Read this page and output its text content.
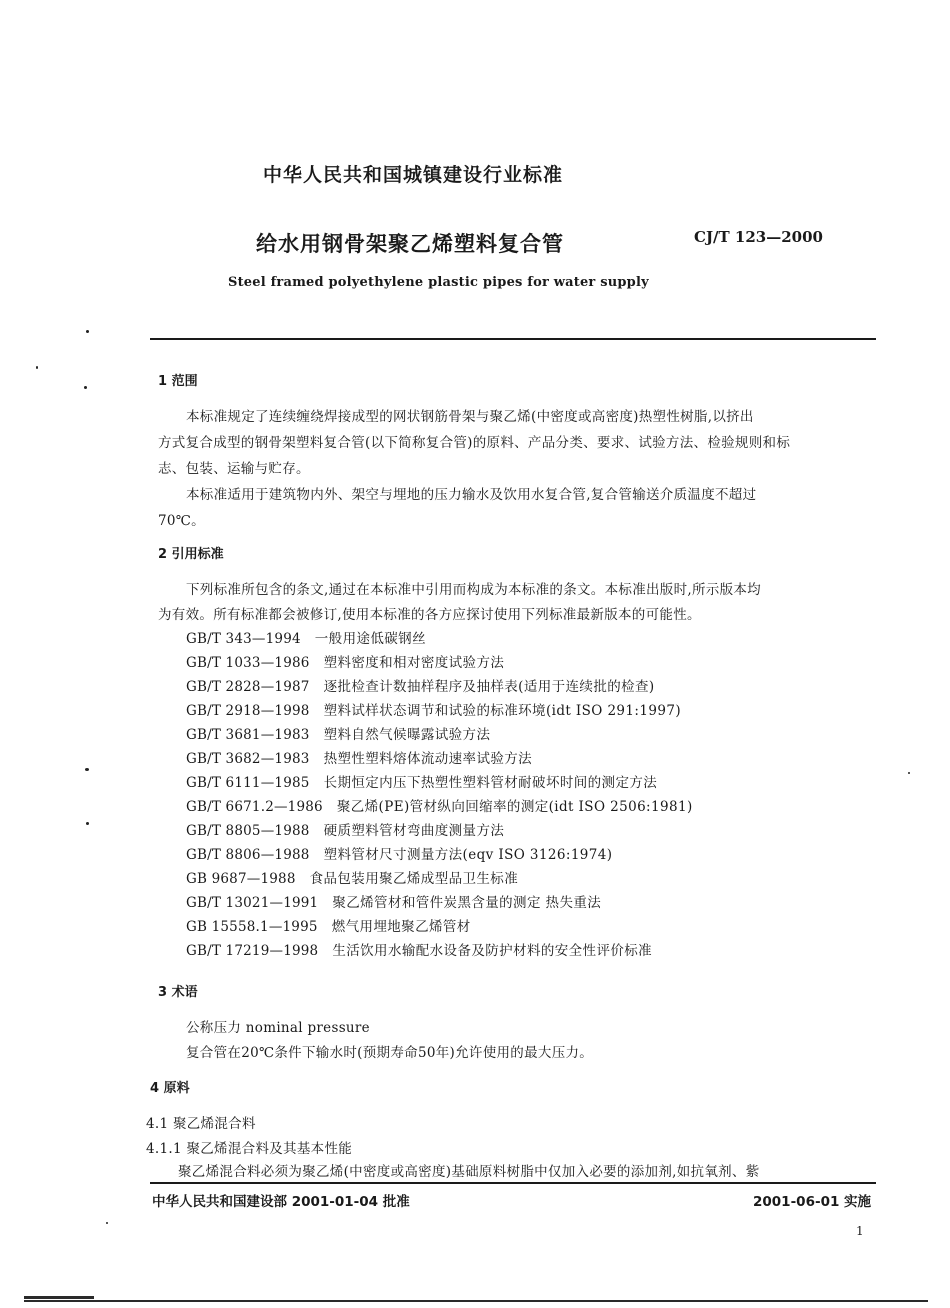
中华人民共和国城镇建设行业标准
给水用钢骨架聚乙烯塑料复合管	CJ/T 123—2000
Steel framed polyethylene plastic pipes for water supply
1 范围
本标准规定了连续缠绕焊接成型的网状钢筋骨架与聚乙烯(中密度或高密度)热塑性树脂,以挤出
方式复合成型的钢骨架塑料复合管(以下简称复合管)的原料、产品分类、要求、试验方法、检验规则和标
志、包装、运输与贮存。
本标准适用于建筑物内外、架空与埋地的压力输水及饮用水复合管,复合管输送介质温度不超过
70℃。
2 引用标准
下列标准所包含的条文,通过在本标准中引用而构成为本标准的条文。本标准出版时,所示版本均
为有效。所有标准都会被修订,使用本标准的各方应探讨使用下列标准最新版本的可能性。
GB/T 343—1994 一般用途低碳钢丝
GB/T 1033—1986 塑料密度和相对密度试验方法
GB/T 2828—1987 逐批检查计数抽样程序及抽样表(适用于连续批的检查)
GB/T 2918—1998 塑料试样状态调节和试验的标准环境(idt ISO 291:1997)
GB/T 3681—1983 塑料自然气候曝露试验方法
GB/T 3682—1983 热塑性塑料熔体流动速率试验方法
GB/T 6111—1985 长期恒定内压下热塑性塑料管材耐破坏时间的测定方法
GB/T 6671.2—1986 聚乙烯(PE)管材纵向回缩率的测定(idt ISO 2506:1981)
GB/T 8805—1988 硬质塑料管材弯曲度测量方法
GB/T 8806—1988 塑料管材尺寸测量方法(eqv ISO 3126:1974)
GB 9687—1988 食品包装用聚乙烯成型品卫生标准
GB/T 13021—1991 聚乙烯管材和管件炭黑含量的测定 热失重法
GB 15558.1—1995 燃气用埋地聚乙烯管材
GB/T 17219—1998 生活饮用水输配水设备及防护材料的安全性评价标准
3 术语
公称压力 nominal pressure
复合管在20℃条件下输水时(预期寿命50年)允许使用的最大压力。
4 原料
4.1 聚乙烯混合料
4.1.1 聚乙烯混合料及其基本性能
聚乙烯混合料必须为聚乙烯(中密度或高密度)基础原料树脂中仅加入必要的添加剂,如抗氧剂、紫
中华人民共和国建设部 2001-01-04 批准	2001-06-01 实施
1
